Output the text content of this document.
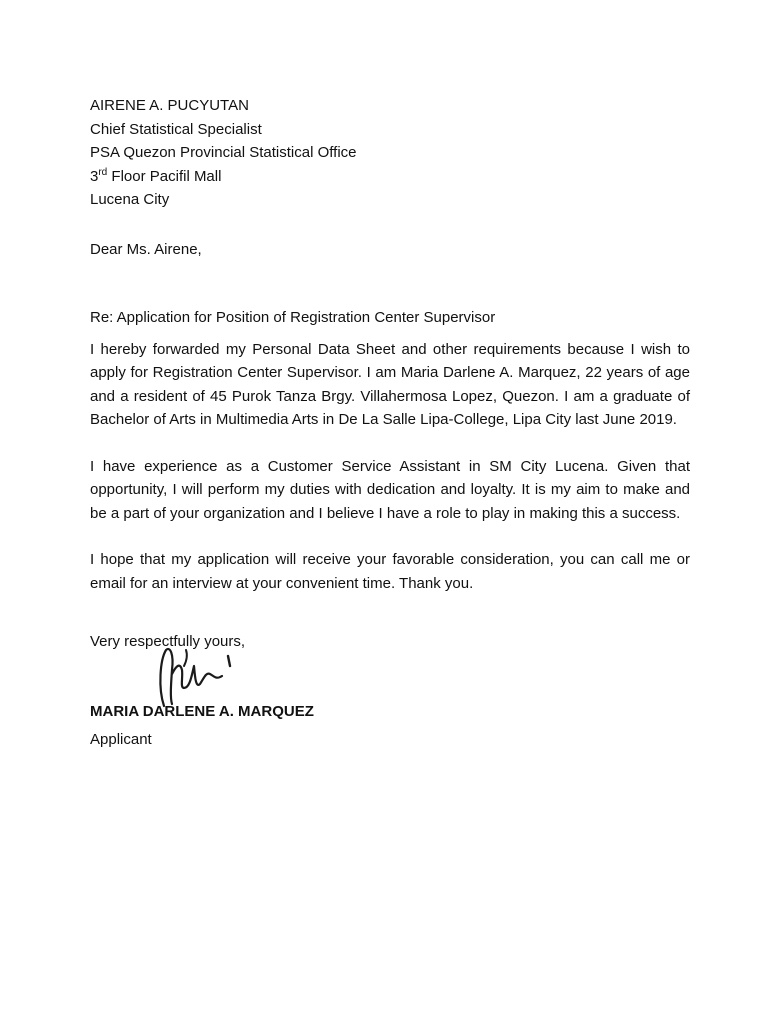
AIRENE A. PUCYUTAN
Chief Statistical Specialist
PSA Quezon Provincial Statistical Office
3rd Floor Pacifil Mall
Lucena City
Dear Ms. Airene,
Re: Application for Position of Registration Center Supervisor

I hereby forwarded my Personal Data Sheet and other requirements because I wish to apply for Registration Center Supervisor. I am Maria Darlene A. Marquez, 22 years of age and a resident of 45 Purok Tanza Brgy. Villahermosa Lopez, Quezon. I am a graduate of Bachelor of Arts in Multimedia Arts in De La Salle Lipa-College, Lipa City last June 2019.

I have experience as a Customer Service Assistant in SM City Lucena. Given that opportunity, I will perform my duties with dedication and loyalty. It is my aim to make and be a part of your organization and I believe I have a role to play in making this a success.

I hope that my application will receive your favorable consideration, you can call me or email for an interview at your convenient time. Thank you.

Very respectfully yours,
MARIA DARLENE A. MARQUEZ
Applicant
